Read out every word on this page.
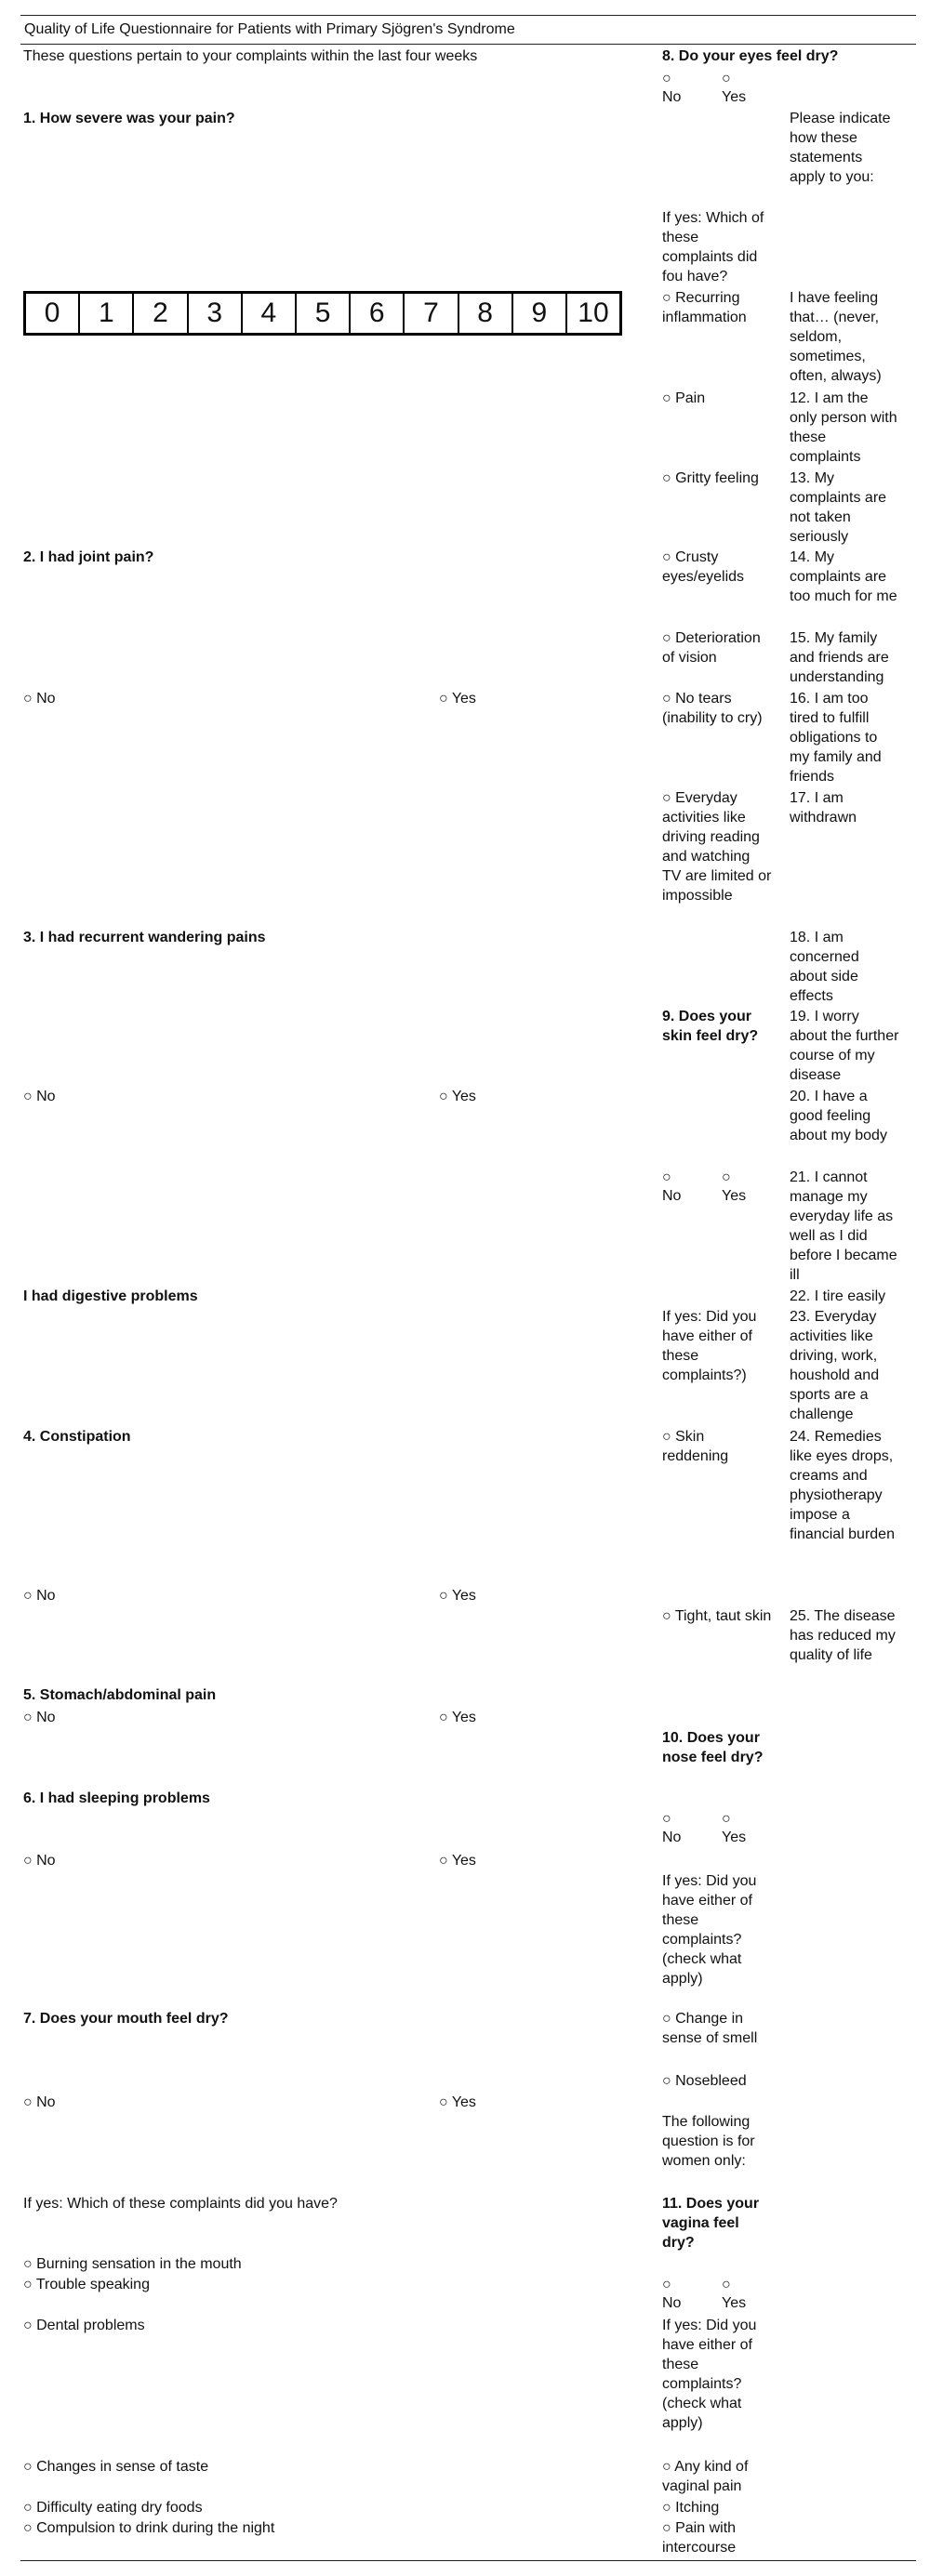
Quality of Life Questionnaire for Patients with Primary Sjögren's Syndrome
These questions pertain to your complaints within the last four weeks
1. How severe was your pain?
0	1	2	3	4	5	6	7	8	9	10
2. I had joint pain?
○ No	○ Yes
3. I had recurrent wandering pains
○ No	○ Yes
I had digestive problems
4. Constipation
○ No	○ Yes
5. Stomach/abdominal pain
○ No	○ Yes
6. I had sleeping problems
○ No	○ Yes
7. Does your mouth feel dry?
○ No	○ Yes
If yes: Which of these complaints did you have?
○ Burning sensation in the mouth
○ Trouble speaking
○ Dental problems
○ Changes in sense of taste
○ Difficulty eating dry foods
○ Compulsion to drink during the night
8. Do your eyes feel dry?
○	○
No	Yes
If yes: Which of these complaints did fou have?
○ Recurring inflammation
○ Pain
○ Gritty feeling
○ Crusty eyes/eyelids
○ Deterioration of vision
○ No tears (inability to cry)
○ Everyday activities like driving reading and watching TV are limited or impossible
9. Does your skin feel dry?
○	○
No	Yes
If yes: Did you have either of these complaints?)
○ Skin reddening
○ Tight, taut skin
10. Does your nose feel dry?
○	○
No	Yes
If yes: Did you have either of these complaints? (check what apply)
○ Change in sense of smell
○ Nosebleed
The following question is for women only:
11. Does your vagina feel dry?
○	○
No	Yes
If yes: Did you have either of these complaints? (check what apply)
○ Any kind of vaginal pain
○ Itching
○ Pain with intercourse
Please indicate how these statements apply to you:
I have feeling that… (never, seldom, sometimes, often, always)
12. I am the only person with these complaints
13. My complaints are not taken seriously
14. My complaints are too much for me
15. My family and friends are understanding
16. I am too tired to fulfill obligations to my family and friends
17. I am withdrawn
18. I am concerned about side effects
19. I worry about the further course of my disease
20. I have a good feeling about my body
21. I cannot manage my everyday life as well as I did before I became ill
22. I tire easily
23. Everyday activities like driving, work, houshold and sports are a challenge
24. Remedies like eyes drops, creams and physiotherapy impose a financial burden
25. The disease has reduced my quality of life
